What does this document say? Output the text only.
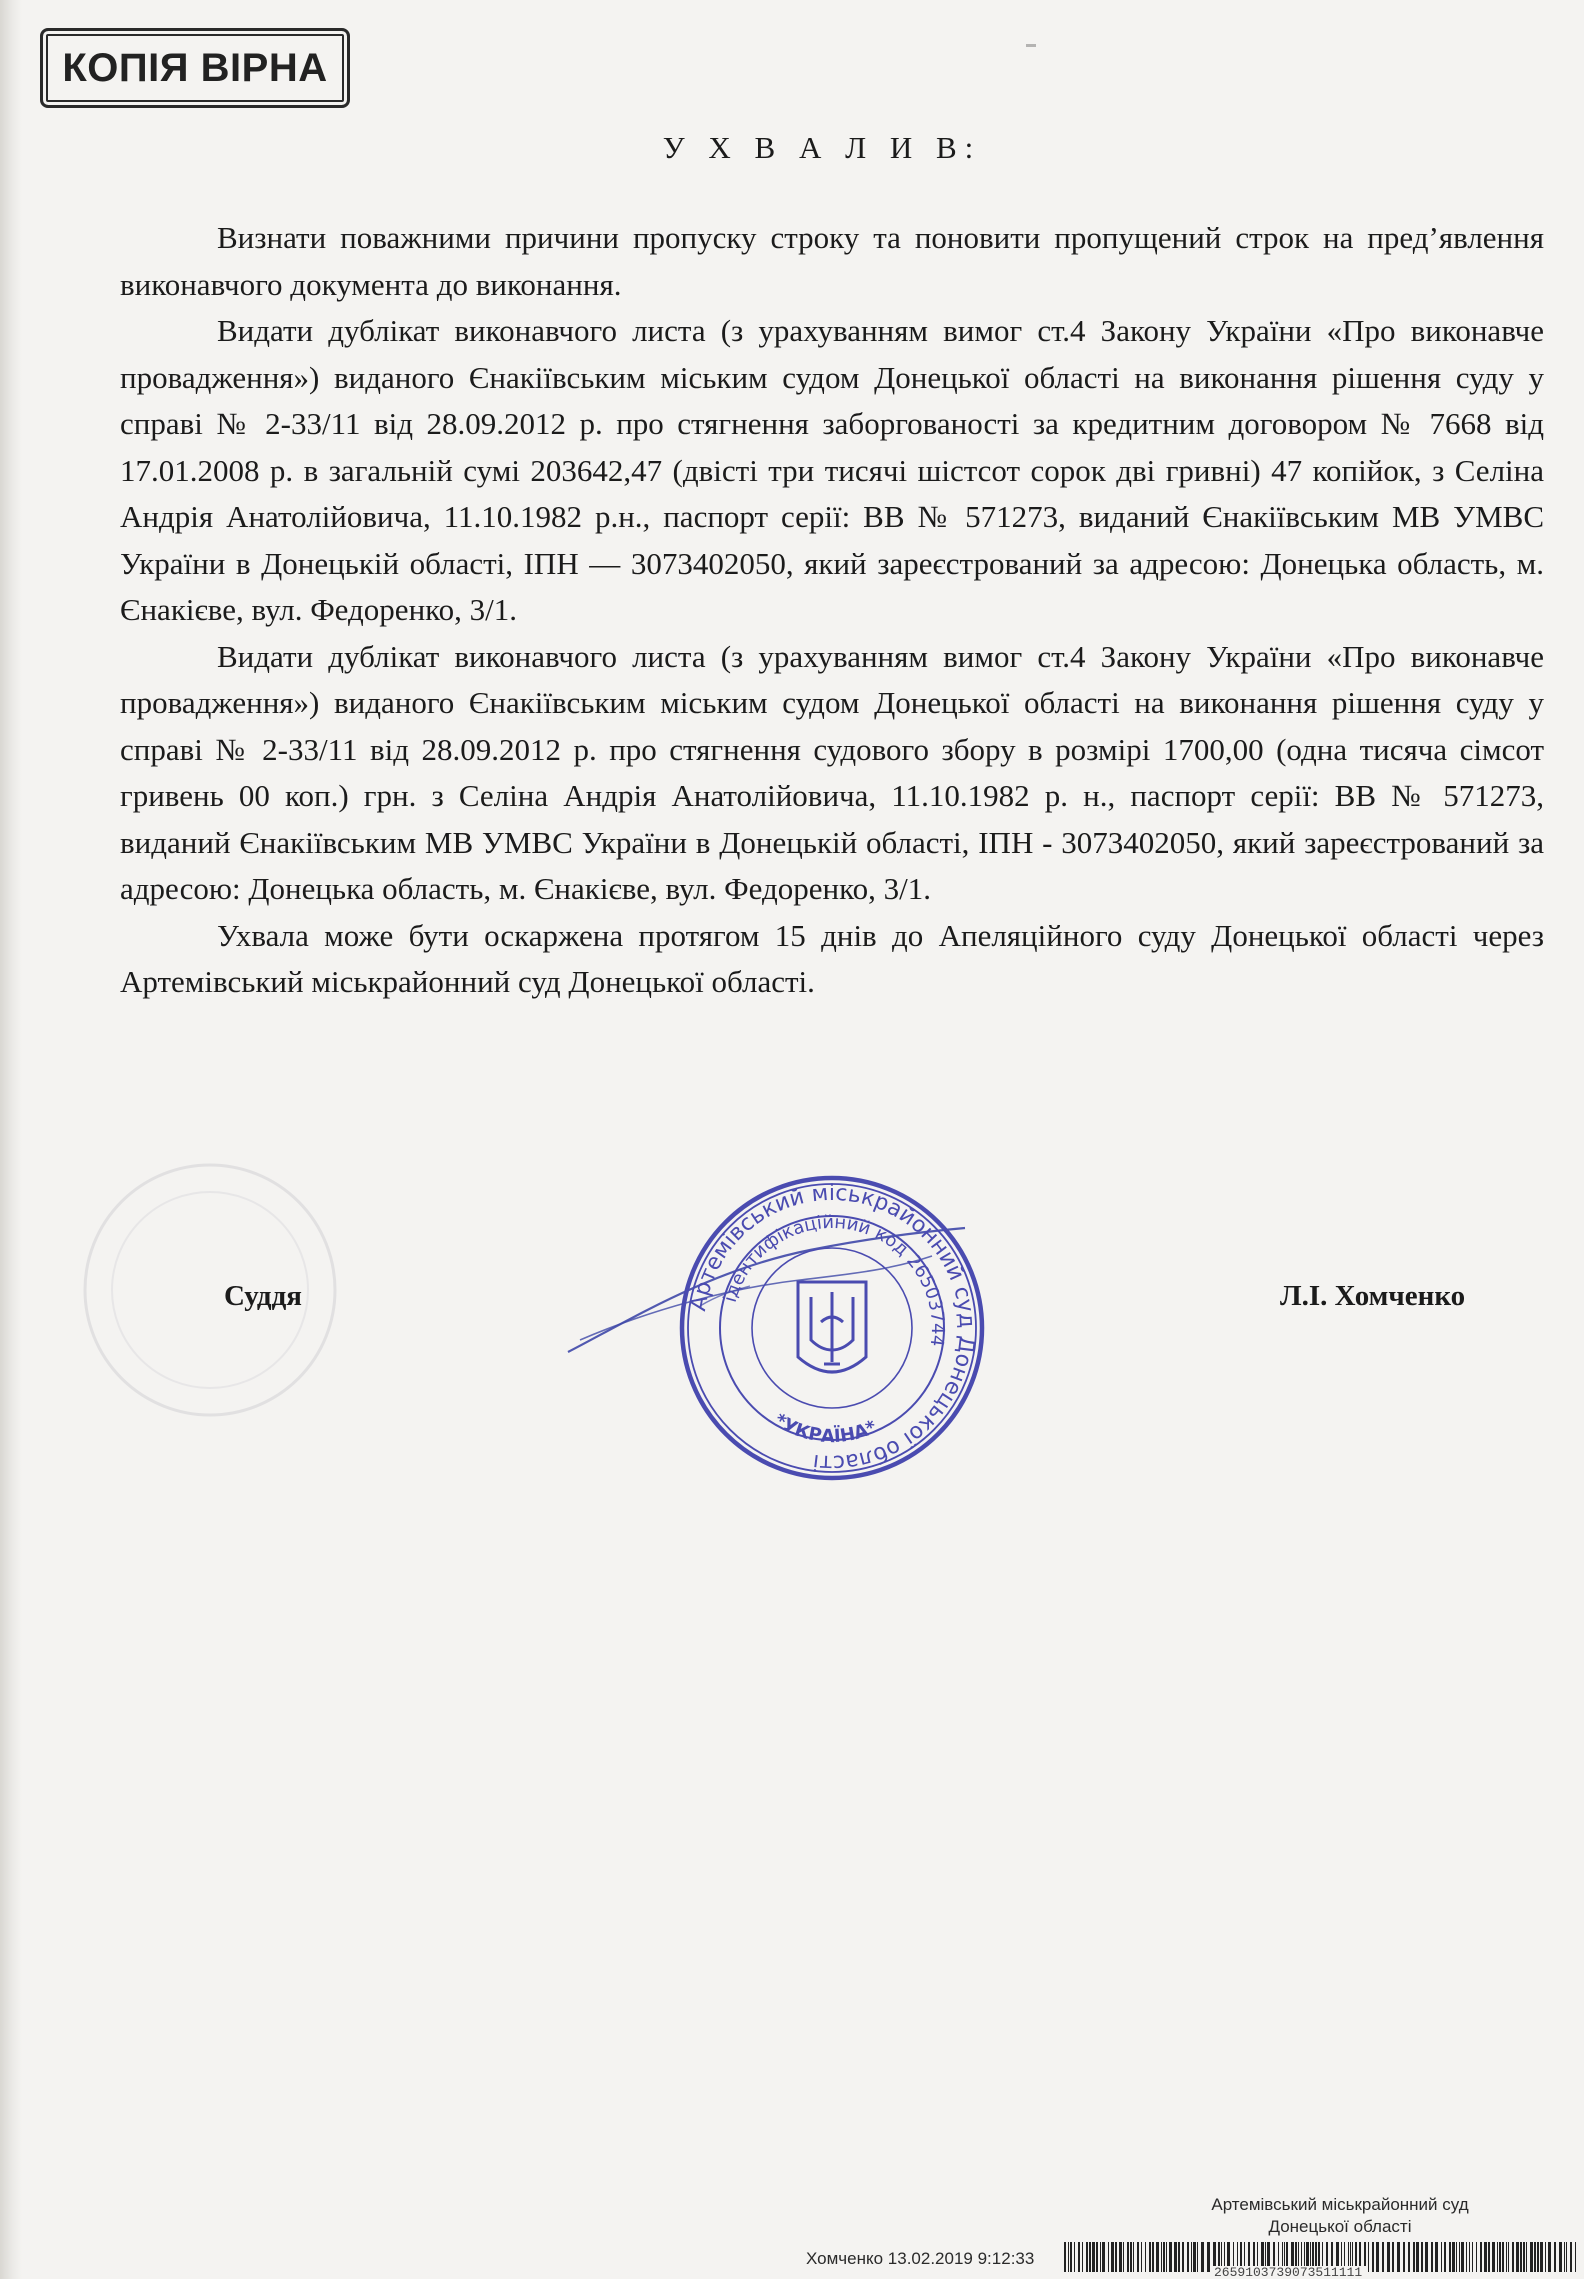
КОПІЯ ВІРНА
У Х В А Л И В:

Визнати поважними причини пропуску строку та поновити пропущений строк на пред’явлення виконавчого документа до виконання.

Видати дублікат виконавчого листа (з урахуванням вимог ст.4 Закону України «Про виконавче провадження») виданого Єнакіївським міським судом Донецької області на виконання рішення суду у справі № 2-33/11 від 28.09.2012 р. про стягнення заборгованості за кредитним договором № 7668 від 17.01.2008 р. в загальній сумі 203642,47 (двісті три тисячі шістсот сорок дві гривні) 47 копійок, з Селіна Андрія Анатолійовича, 11.10.1982 р.н., паспорт серії: ВВ № 571273, виданий Єнакіївським МВ УМВС України в Донецькій області, ІПН — 3073402050, який зареєстрований за адресою: Донецька область, м. Єнакієве, вул. Федоренко, 3/1.

Видати дублікат виконавчого листа (з урахуванням вимог ст.4 Закону України «Про виконавче провадження») виданого Єнакіївським міським судом Донецької області на виконання рішення суду у справі № 2-33/11 від 28.09.2012 р. про стягнення судового збору в розмірі 1700,00 (одна тисяча сімсот гривень 00 коп.) грн. з Селіна Андрія Анатолійовича, 11.10.1982 р. н., паспорт серії: ВВ № 571273, виданий Єнакіївським МВ УМВС України в Донецькій області, ІПН - 3073402050, який зареєстрований за адресою: Донецька область, м. Єнакієве, вул. Федоренко, 3/1.

Ухвала може бути оскаржена протягом 15 днів до Апеляційного суду Донецької області через Артемівський міськрайонний суд Донецької області.

Суддя	Л.І. Хомченко
Артемівський міськрайонний суд Донецької області
ідентифікаційний код 26503744
*УКРАЇНА*
Артемівський міськрайонний суд
Донецької області
Хомченко 13.02.2019 9:12:33
2659103739073511111
